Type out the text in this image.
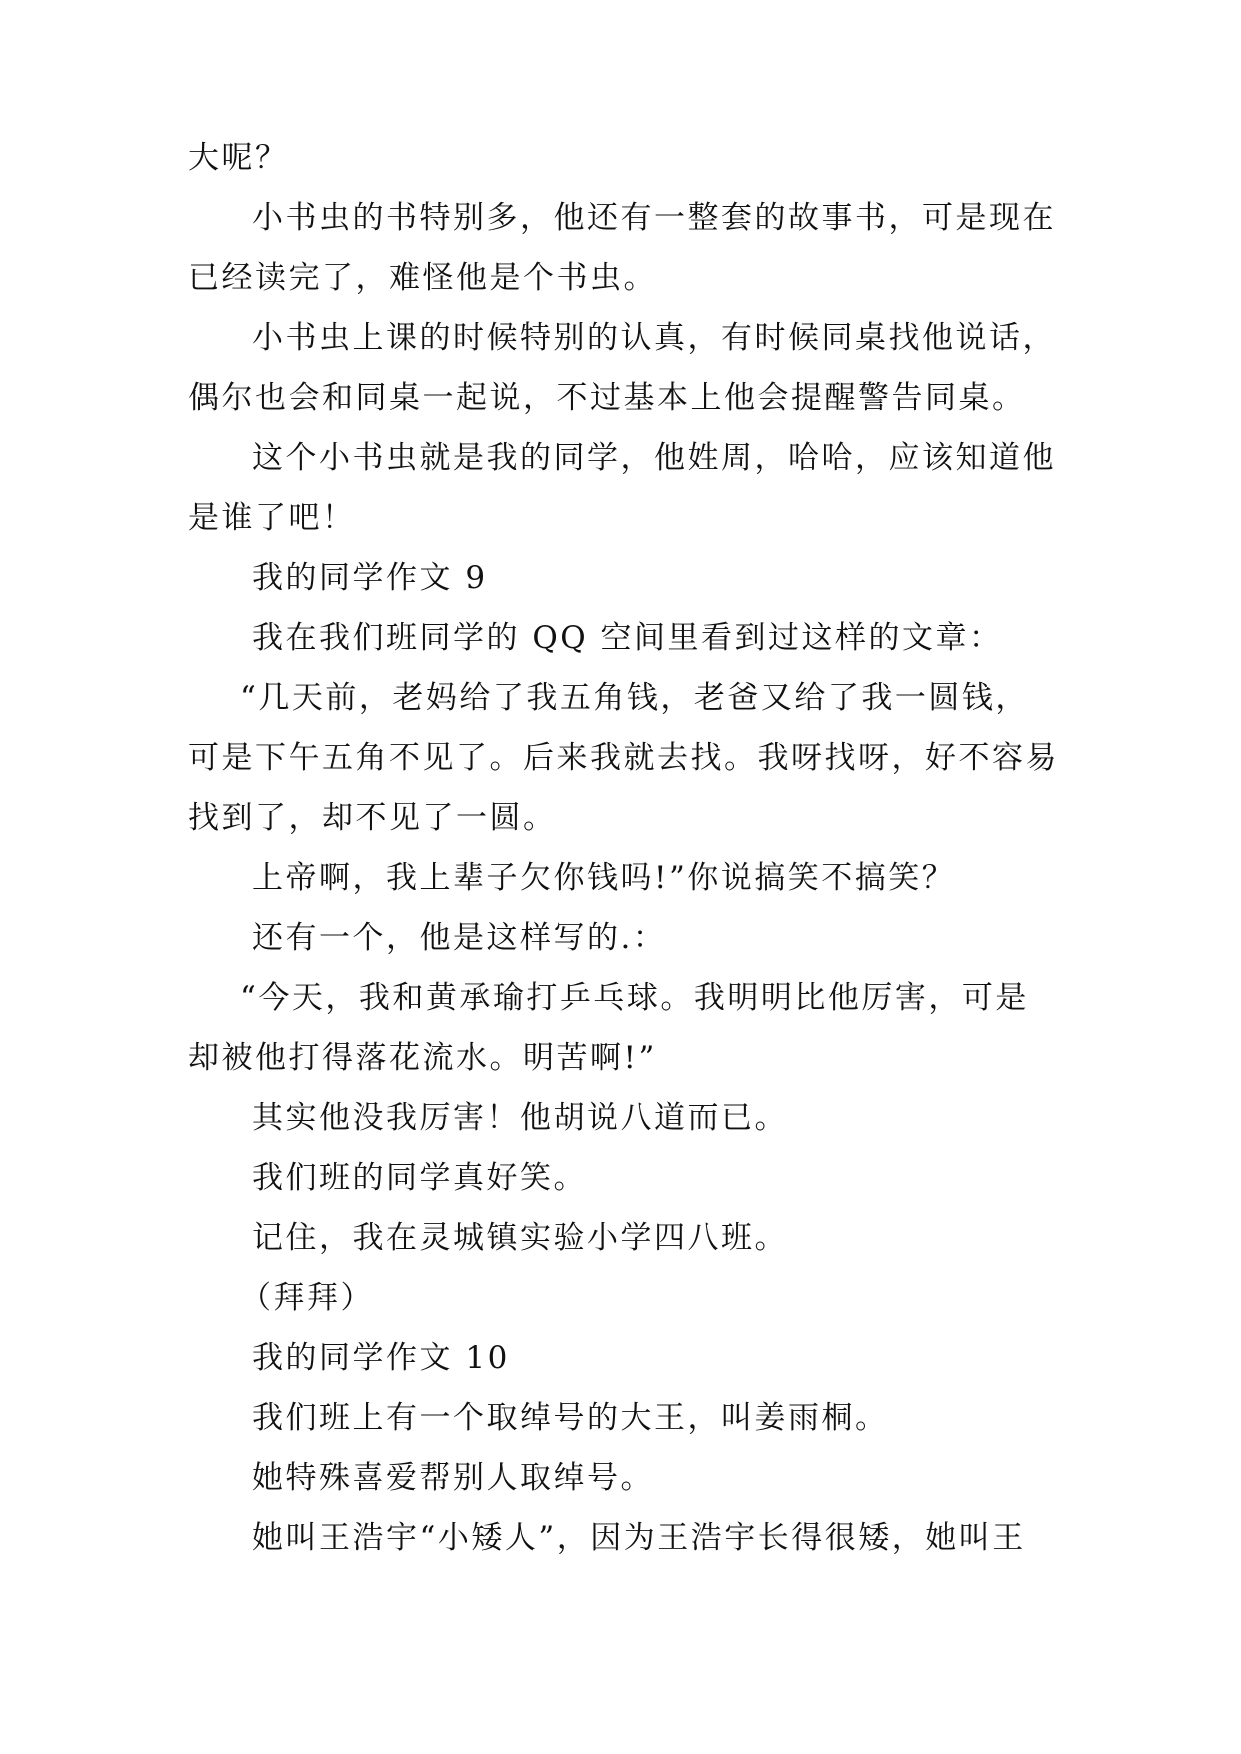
大呢？
小书虫的书特别多，他还有一整套的故事书，可是现在
已经读完了，难怪他是个书虫。
小书虫上课的时候特别的认真，有时候同桌找他说话，
偶尔也会和同桌一起说，不过基本上他会提醒警告同桌。
这个小书虫就是我的同学，他姓周，哈哈，应该知道他
是谁了吧！
我的同学作文 9
我在我们班同学的 QQ 空间里看到过这样的文章：
“几天前，老妈给了我五角钱，老爸又给了我一圆钱，
可是下午五角不见了。后来我就去找。我呀找呀，好不容易
找到了，却不见了一圆。
上帝啊，我上辈子欠你钱吗!”你说搞笑不搞笑？
还有一个，他是这样写的.：
“今天，我和黄承瑜打乒乓球。我明明比他厉害，可是
却被他打得落花流水。明苦啊!”
其实他没我厉害！他胡说八道而已。
我们班的同学真好笑。
记住，我在灵城镇实验小学四八班。
（拜拜）
我的同学作文 10
我们班上有一个取绰号的大王，叫姜雨桐。
她特殊喜爱帮别人取绰号。
她叫王浩宇“小矮人”，因为王浩宇长得很矮，她叫王
